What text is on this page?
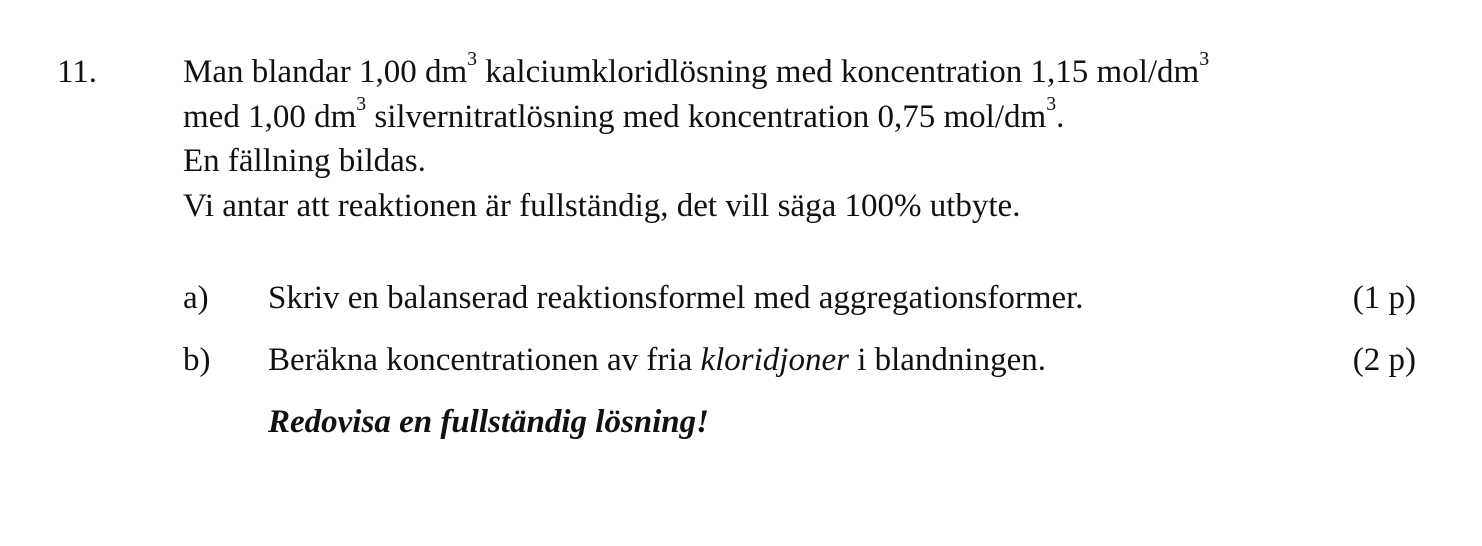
11.	Man blandar 1,00 $dm^3$ kalciumkloridlösning med koncentration 1,15 mol/$dm^3$
med 1,00 $dm^3$ silvernitratlösning med koncentration 0,75 mol/$dm^3$.
En fällning bildas.
Vi antar att reaktionen är fullständig, det vill säga 100% utbyte.
a) Skriv en balanserad reaktionsformel med aggregationsformer.	(1 p)
b) Beräkna koncentrationen av fria kloridjoner i blandningen.	(2 p)
Redovisa en fullständig lösning!
